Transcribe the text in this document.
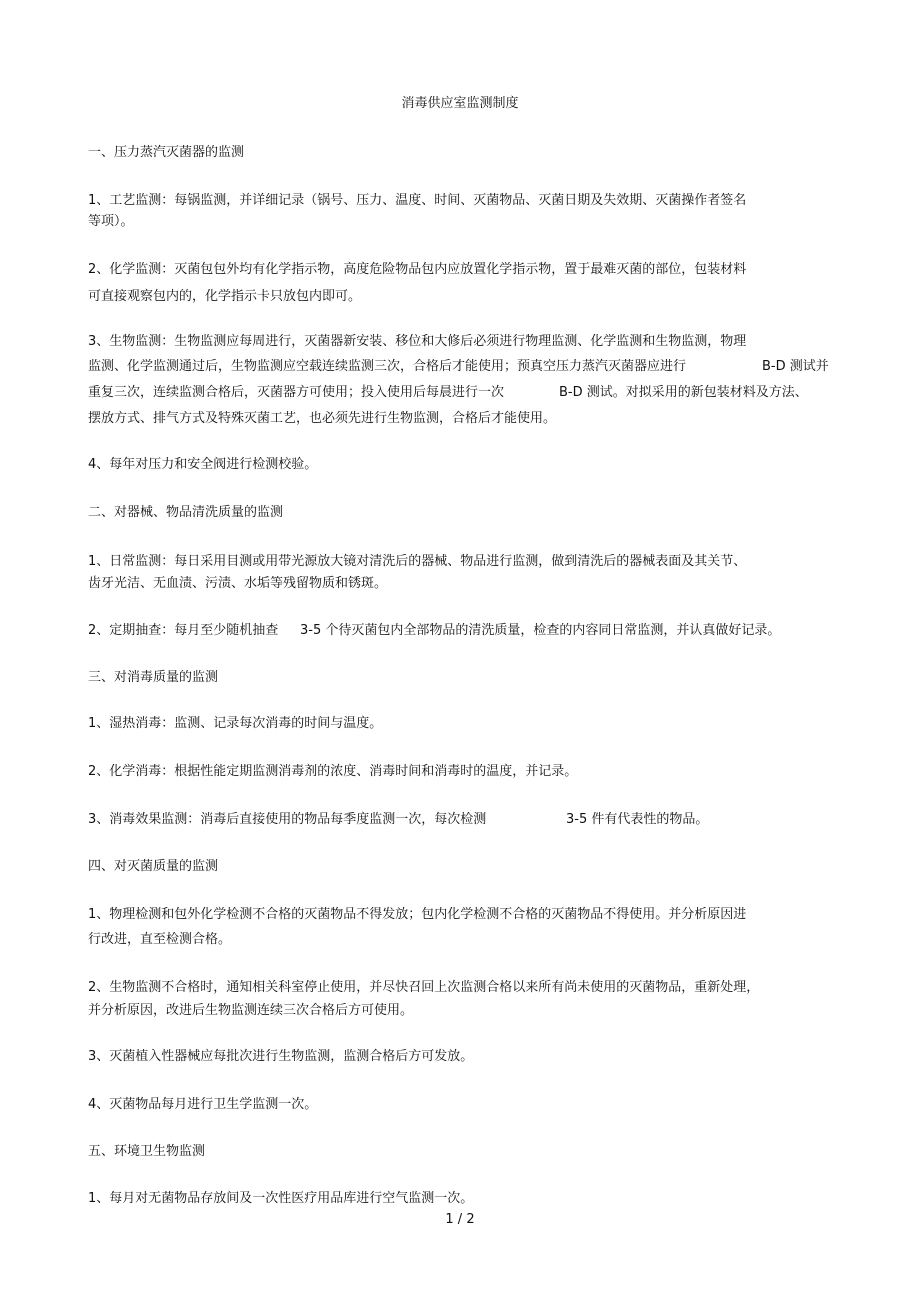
消毒供应室监测制度
一、压力蒸汽灭菌器的监测
1、工艺监测：每锅监测，并详细记录（锅号、压力、温度、时间、灭菌物品、灭菌日期及失效期、灭菌操作者签名
等项）。
2、化学监测：灭菌包包外均有化学指示物，高度危险物品包内应放置化学指示物，置于最难灭菌的部位，包装材料
可直接观察包内的，化学指示卡只放包内即可。
3、生物监测：生物监测应每周进行，灭菌器新安装、移位和大修后必须进行物理监测、化学监测和生物监测，物理
监测、化学监测通过后，生物监测应空载连续监测三次，合格后才能使用；预真空压力蒸汽灭菌器应进行	B-D 测试并
重复三次，连续监测合格后，灭菌器方可使用；投入使用后每晨进行一次	B-D 测试。对拟采用的新包装材料及方法、
摆放方式、排气方式及特殊灭菌工艺，也必须先进行生物监测，合格后才能使用。
4、每年对压力和安全阀进行检测校验。
二、对器械、物品清洗质量的监测
1、日常监测：每日采用目测或用带光源放大镜对清洗后的器械、物品进行监测，做到清洗后的器械表面及其关节、
齿牙光洁、无血渍、污渍、水垢等残留物质和锈斑。
2、定期抽查：每月至少随机抽查 3-5 个待灭菌包内全部物品的清洗质量，检查的内容同日常监测，并认真做好记录。
三、对消毒质量的监测
1、湿热消毒：监测、记录每次消毒的时间与温度。
2、化学消毒：根据性能定期监测消毒剂的浓度、消毒时间和消毒时的温度，并记录。
3、消毒效果监测：消毒后直接使用的物品每季度监测一次，每次检测	3-5 件有代表性的物品。
四、对灭菌质量的监测
1、物理检测和包外化学检测不合格的灭菌物品不得发放；包内化学检测不合格的灭菌物品不得使用。并分析原因进
行改进，直至检测合格。
2、生物监测不合格时，通知相关科室停止使用，并尽快召回上次监测合格以来所有尚未使用的灭菌物品，重新处理，
并分析原因，改进后生物监测连续三次合格后方可使用。
3、灭菌植入性器械应每批次进行生物监测，监测合格后方可发放。
4、灭菌物品每月进行卫生学监测一次。
五、环境卫生物监测
1、每月对无菌物品存放间及一次性医疗用品库进行空气监测一次。
1 / 2
